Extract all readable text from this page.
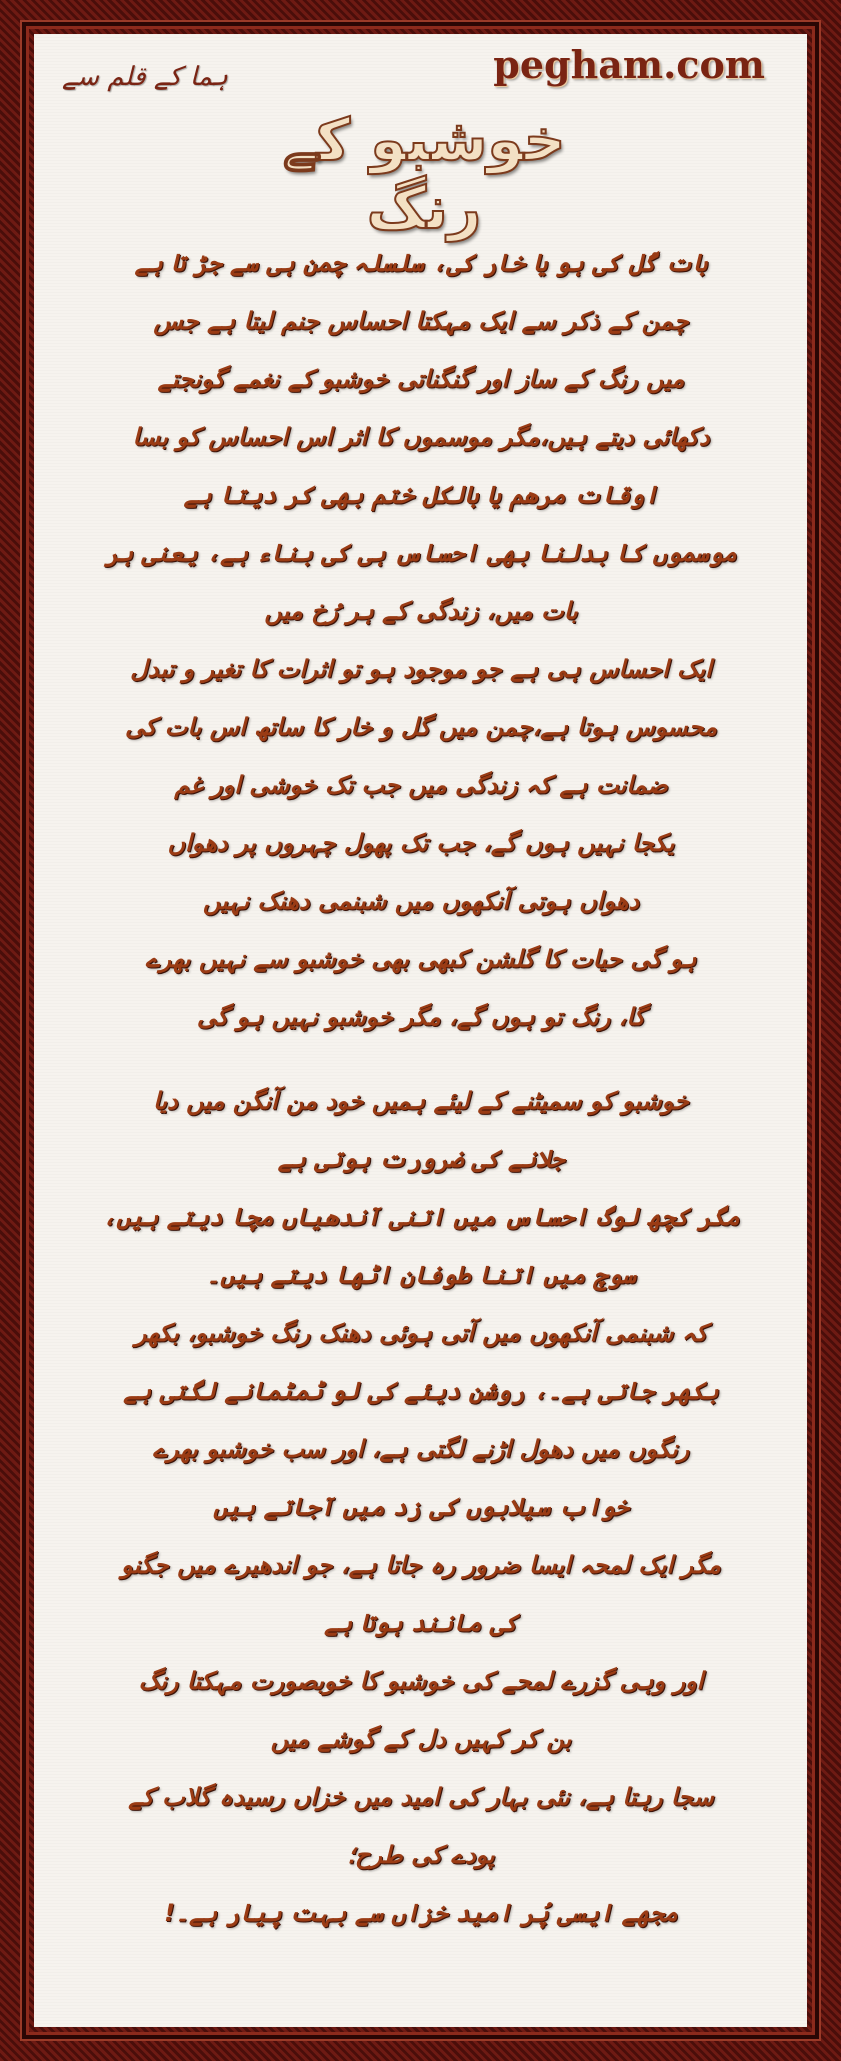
pegham.com
ہما کے قلم سے
خوشبو کے رنگ
بات گُل کی ہو یا خار کی، سلسلہ چمن ہی سے جڑ تا ہے
چمن کے ذکر سے ایک مہکتا احساس جنم لیتا ہے جس
میں رنگ کے ساز اور گنگناتی خوشبو کے نغمے گونجتے
دکھائی دیتے ہیں،مگر موسموں کا اثر اس احساس کو بسا
اوقات مرھم یا بالکل ختم بھی کر دیتا ہے
موسموں کا بدلنا بھی احساس ہی کی بناء ہے، یعنی ہر
بات میں، زندگی کے ہر رُخ میں
ایک احساس ہی ہے جو موجود ہو تو اثرات کا تغیر و تبدل
محسوس ہوتا ہے،چمن میں گل و خار کا ساتھ اس بات کی
ضمانت ہے کہ زندگی میں جب تک خوشی اور غم
یکجا نہیں ہوں گے، جب تک پھول چہروں پر دھواں
دھواں ہوتی آنکھوں میں شبنمی دھنک نہیں
ہو گی حیات کا گلشن کبھی بھی خوشبو سے نہیں بھرے
گا، رنگ تو ہوں گے، مگر خوشبو نہیں ہو گی
خوشبو کو سمیٹنے کے لیئے ہمیں خود من آنگن میں دیا
جلانے کی ضرورت ہوتی ہے
مگر کچھ لوگ احساس میں اتنی آندھیاں مچا دیتے ہیں،
سوچ میں اتنا طوفان اٹھا دیتے ہیں۔
کہ شبنمی آنکھوں میں آتی ہوئی دھنک رنگ خوشبو، بکھر
بکھر جاتی ہے۔، روشن دیئے کی لو ٹمٹمانے لگتی ہے
رنگوں میں دھول اڑنے لگتی ہے، اور سب خوشبو بھرے
خواب سیلابوں کی زد میں آجاتے ہیں
مگر ایک لمحہ ایسا ضرور رہ جاتا ہے، جو اندھیرے میں جگنو
کی مانند ہوتا ہے
اور وہی گزرے لمحے کی خوشبو کا خوبصورت مہکتا رنگ
بن کر کہیں دل کے گوشے میں
سجا رہتا ہے، نئی بہار کی امید میں خزاں رسیدہ گلاب کے
پودے کی طرح؛
مجھے ایسی پُر امید خزاں سے بہت پیار ہے۔!
